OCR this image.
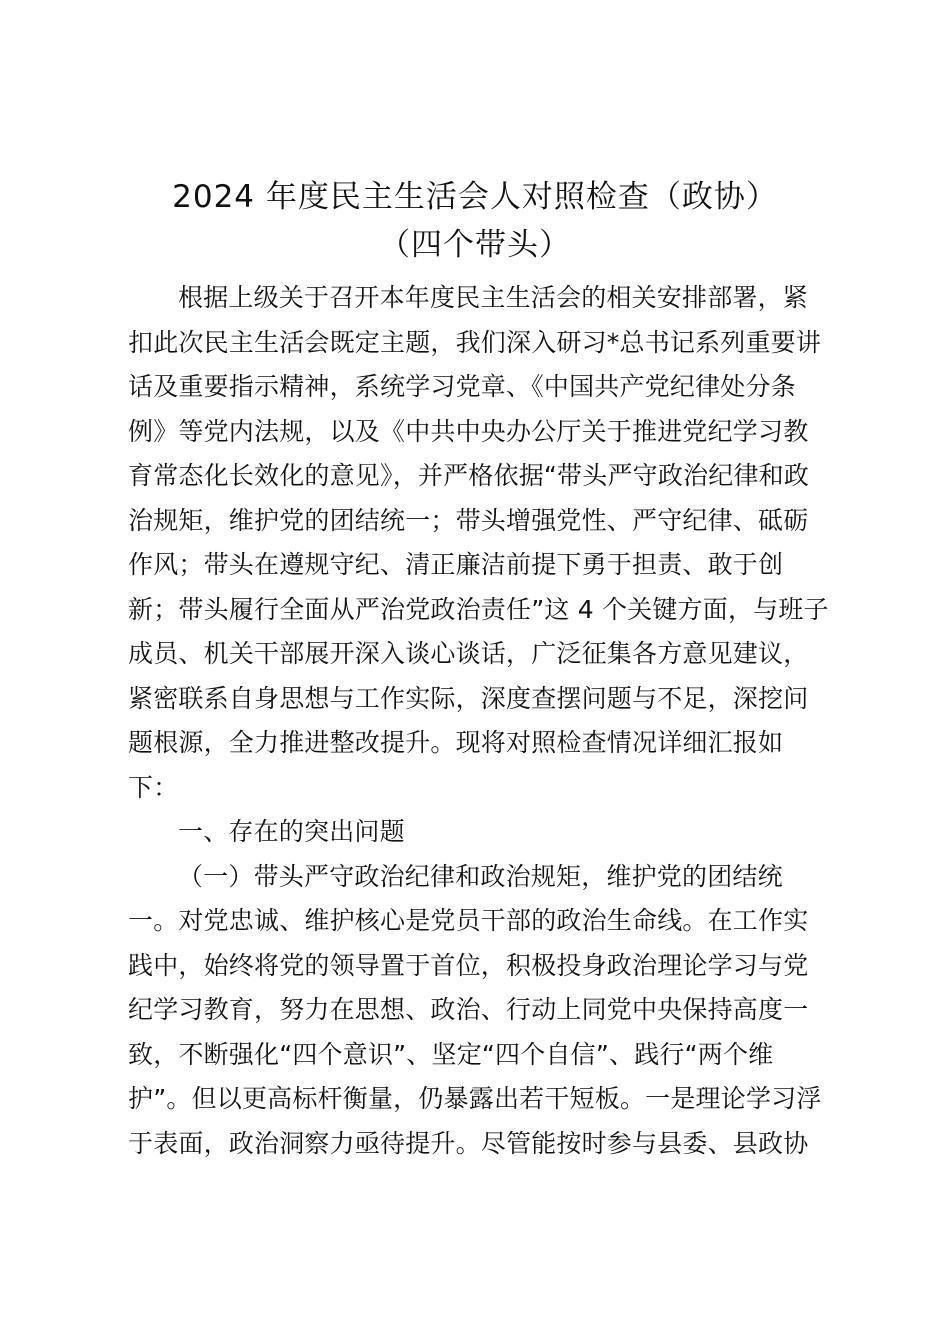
2024 年度民主生活会人对照检查（政协）
（四个带头）
根据上级关于召开本年度民主生活会的相关安排部署，紧
扣此次民主生活会既定主题，我们深入研习*总书记系列重要讲
话及重要指示精神，系统学习党章、《中国共产党纪律处分条
例》等党内法规，以及《中共中央办公厅关于推进党纪学习教
育常态化长效化的意见》，并严格依据“带头严守政治纪律和政
治规矩，维护党的团结统一；带头增强党性、严守纪律、砥砺
作风；带头在遵规守纪、清正廉洁前提下勇于担责、敢于创
新；带头履行全面从严治党政治责任”这 4 个关键方面，与班子
成员、机关干部展开深入谈心谈话，广泛征集各方意见建议，
紧密联系自身思想与工作实际，深度查摆问题与不足，深挖问
题根源，全力推进整改提升。现将对照检查情况详细汇报如
下：
一、存在的突出问题
（一）带头严守政治纪律和政治规矩，维护党的团结统
一。对党忠诚、维护核心是党员干部的政治生命线。在工作实
践中，始终将党的领导置于首位，积极投身政治理论学习与党
纪学习教育，努力在思想、政治、行动上同党中央保持高度一
致，不断强化“四个意识”、坚定“四个自信”、践行“两个维
护”。但以更高标杆衡量，仍暴露出若干短板。一是理论学习浮
于表面，政治洞察力亟待提升。尽管能按时参与县委、县政协
